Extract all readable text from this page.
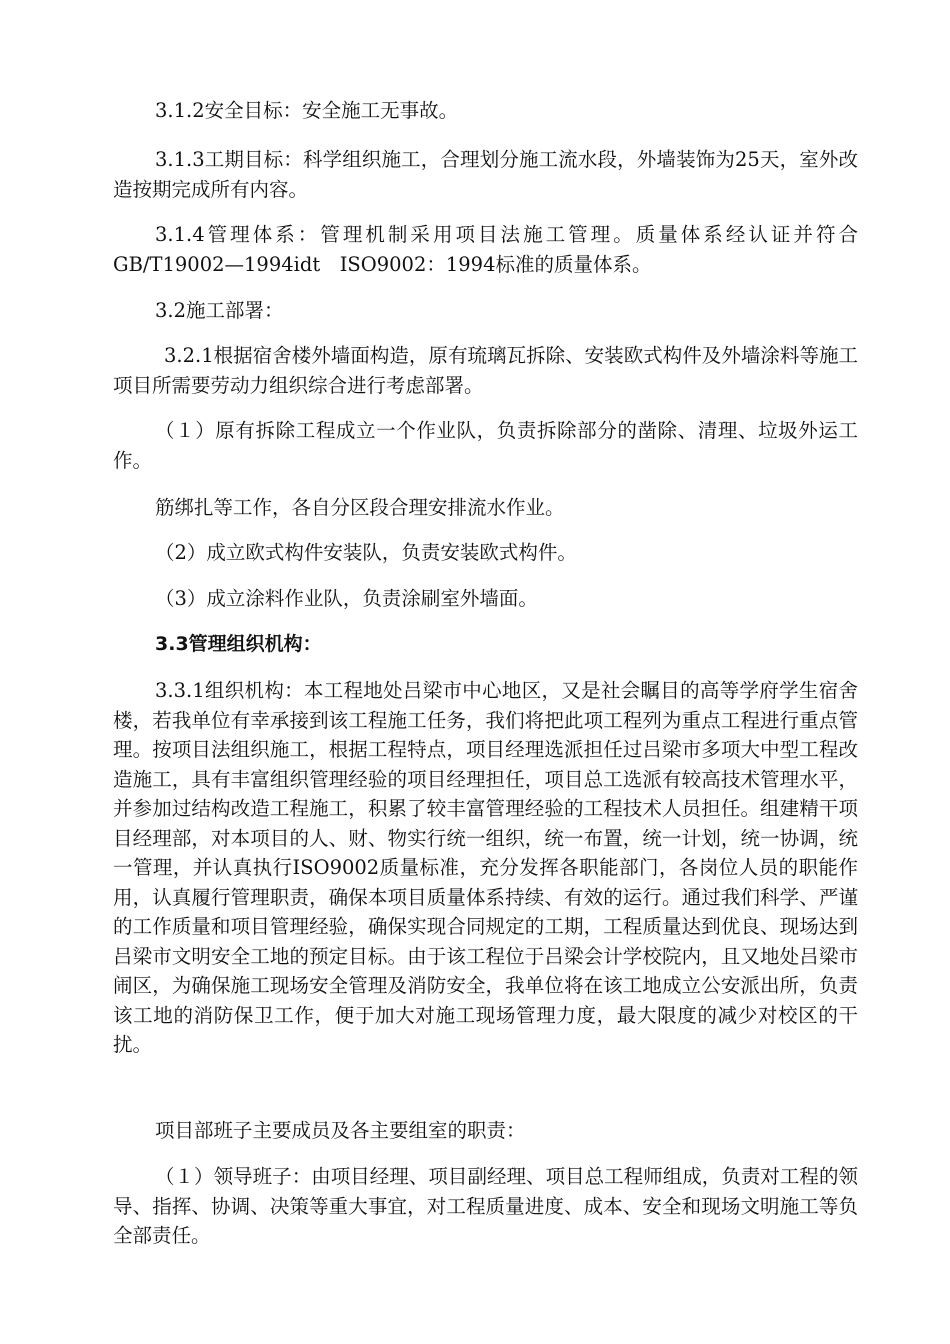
3.1.2安全目标：安全施工无事故。

3.1.3工期目标：科学组织施工，合理划分施工流水段，外墙装饰为25天，室外改造按期完成所有内容。

3.1.4管理体系：管理机制采用项目法施工管理。质量体系经认证并符合GB/T19002—1994idt　ISO9002：1994标准的质量体系。

3.2施工部署：

3.2.1根据宿舍楼外墙面构造，原有琉璃瓦拆除、安装欧式构件及外墙涂料等施工项目所需要劳动力组织综合进行考虑部署。

（１）原有拆除工程成立一个作业队，负责拆除部分的凿除、清理、垃圾外运工作。

筋绑扎等工作，各自分区段合理安排流水作业。

（2）成立欧式构件安装队，负责安装欧式构件。

（3）成立涂料作业队，负责涂刷室外墙面。

3.3管理组织机构：

3.3.1组织机构：本工程地处吕梁市中心地区，又是社会瞩目的高等学府学生宿舍楼，若我单位有幸承接到该工程施工任务，我们将把此项工程列为重点工程进行重点管理。按项目法组织施工，根据工程特点，项目经理选派担任过吕梁市多项大中型工程改造施工，具有丰富组织管理经验的项目经理担任，项目总工选派有较高技术管理水平，并参加过结构改造工程施工，积累了较丰富管理经验的工程技术人员担任。组建精干项目经理部，对本项目的人、财、物实行统一组织，统一布置，统一计划，统一协调，统一管理，并认真执行ISO9002质量标准，充分发挥各职能部门，各岗位人员的职能作用，认真履行管理职责，确保本项目质量体系持续、有效的运行。通过我们科学、严谨的工作质量和项目管理经验，确保实现合同规定的工期，工程质量达到优良、现场达到吕梁市文明安全工地的预定目标。由于该工程位于吕梁会计学校院内，且又地处吕梁市闹区，为确保施工现场安全管理及消防安全，我单位将在该工地成立公安派出所，负责该工地的消防保卫工作，便于加大对施工现场管理力度，最大限度的减少对校区的干扰。

项目部班子主要成员及各主要组室的职责：

（１）领导班子：由项目经理、项目副经理、项目总工程师组成，负责对工程的领导、指挥、协调、决策等重大事宜，对工程质量进度、成本、安全和现场文明施工等负全部责任。
